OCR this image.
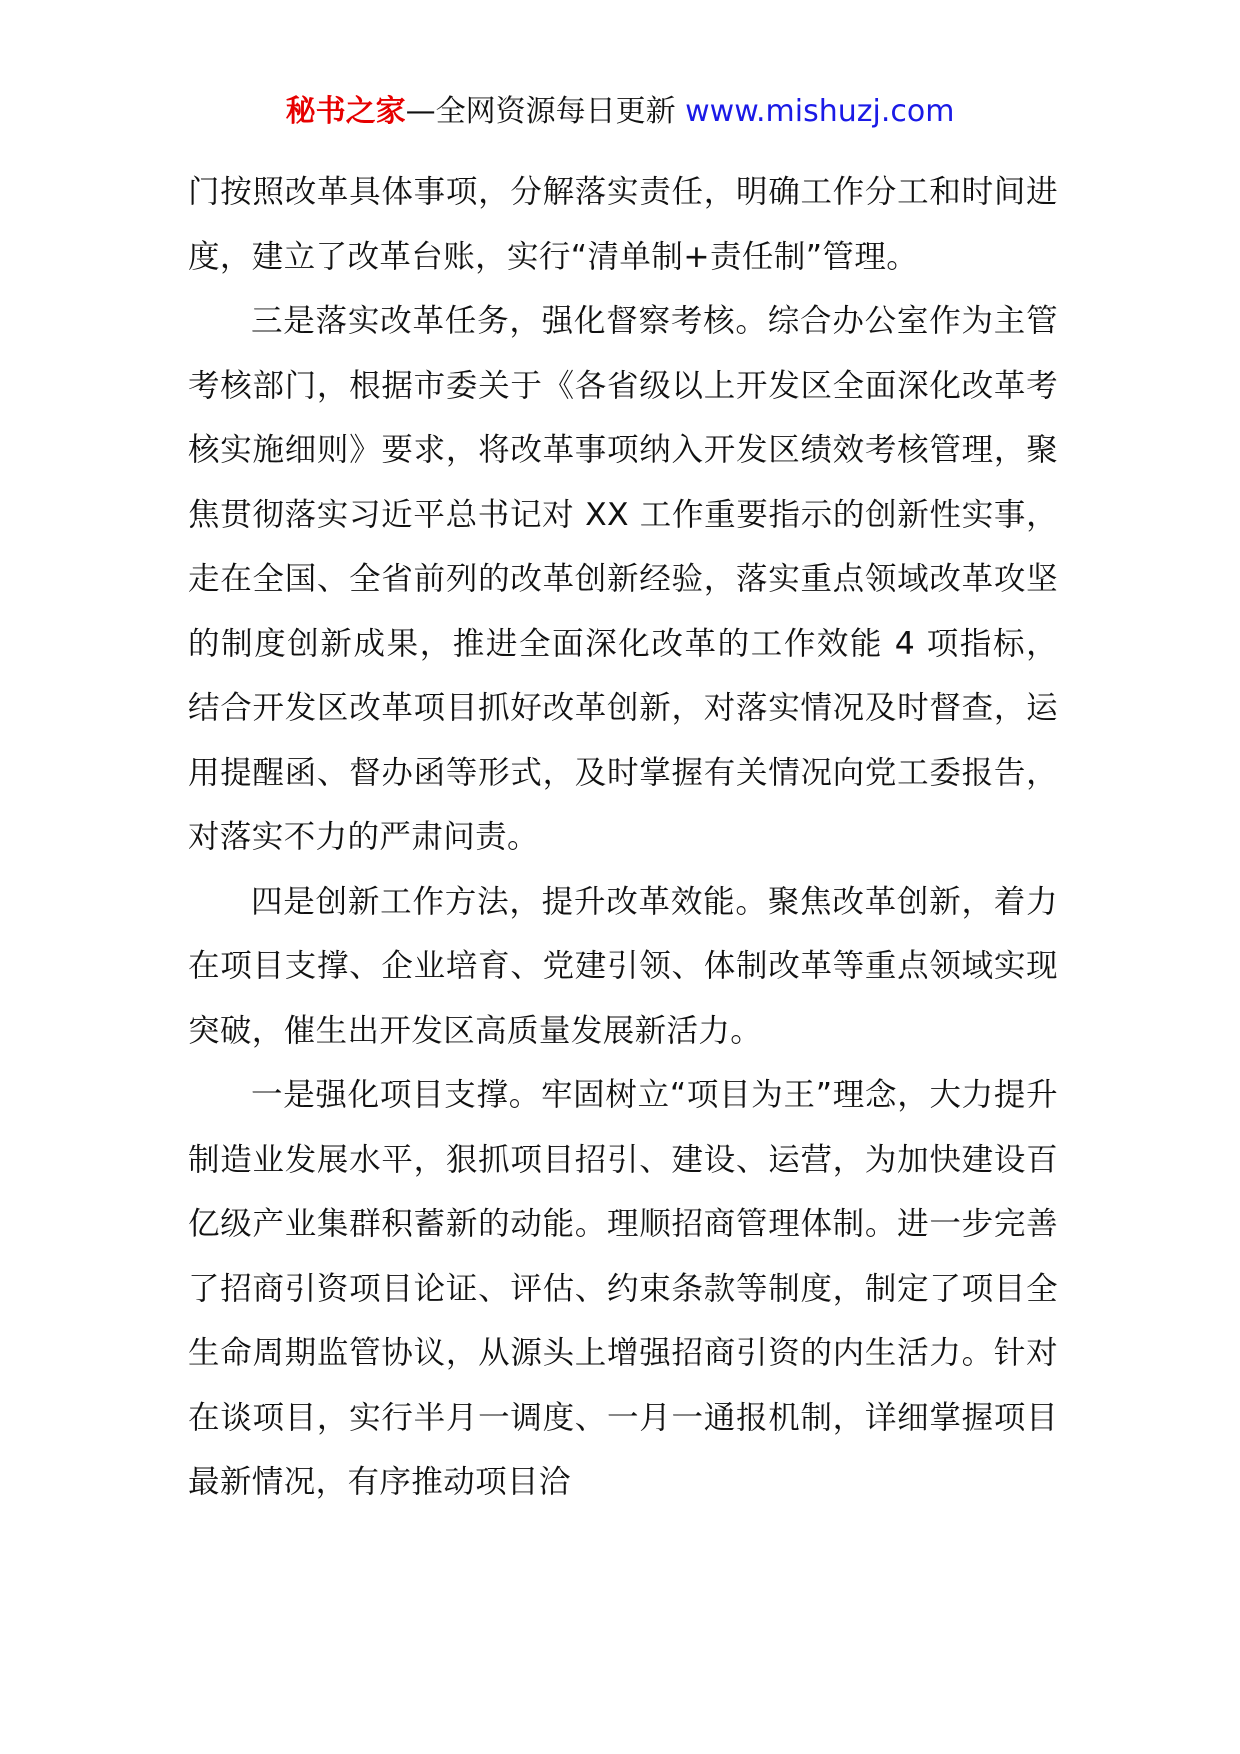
秘书之家—全网资源每日更新 www.mishuzj.com

门按照改革具体事项，分解落实责任，明确工作分工和时间进度，建立了改革台账，实行“清单制+责任制”管理。

三是落实改革任务，强化督察考核。综合办公室作为主管考核部门，根据市委关于《各省级以上开发区全面深化改革考核实施细则》要求，将改革事项纳入开发区绩效考核管理，聚焦贯彻落实习近平总书记对 XX 工作重要指示的创新性实事，走在全国、全省前列的改革创新经验，落实重点领域改革攻坚的制度创新成果，推进全面深化改革的工作效能 4 项指标，结合开发区改革项目抓好改革创新，对落实情况及时督查，运用提醒函、督办函等形式，及时掌握有关情况向党工委报告，对落实不力的严肃问责。

四是创新工作方法，提升改革效能。聚焦改革创新，着力在项目支撑、企业培育、党建引领、体制改革等重点领域实现突破，催生出开发区高质量发展新活力。

一是强化项目支撑。牢固树立“项目为王”理念，大力提升制造业发展水平，狠抓项目招引、建设、运营，为加快建设百亿级产业集群积蓄新的动能。理顺招商管理体制。进一步完善了招商引资项目论证、评估、约束条款等制度，制定了项目全生命周期监管协议，从源头上增强招商引资的内生活力。针对在谈项目，实行半月一调度、一月一通报机制，详细掌握项目最新情况，有序推动项目洽
